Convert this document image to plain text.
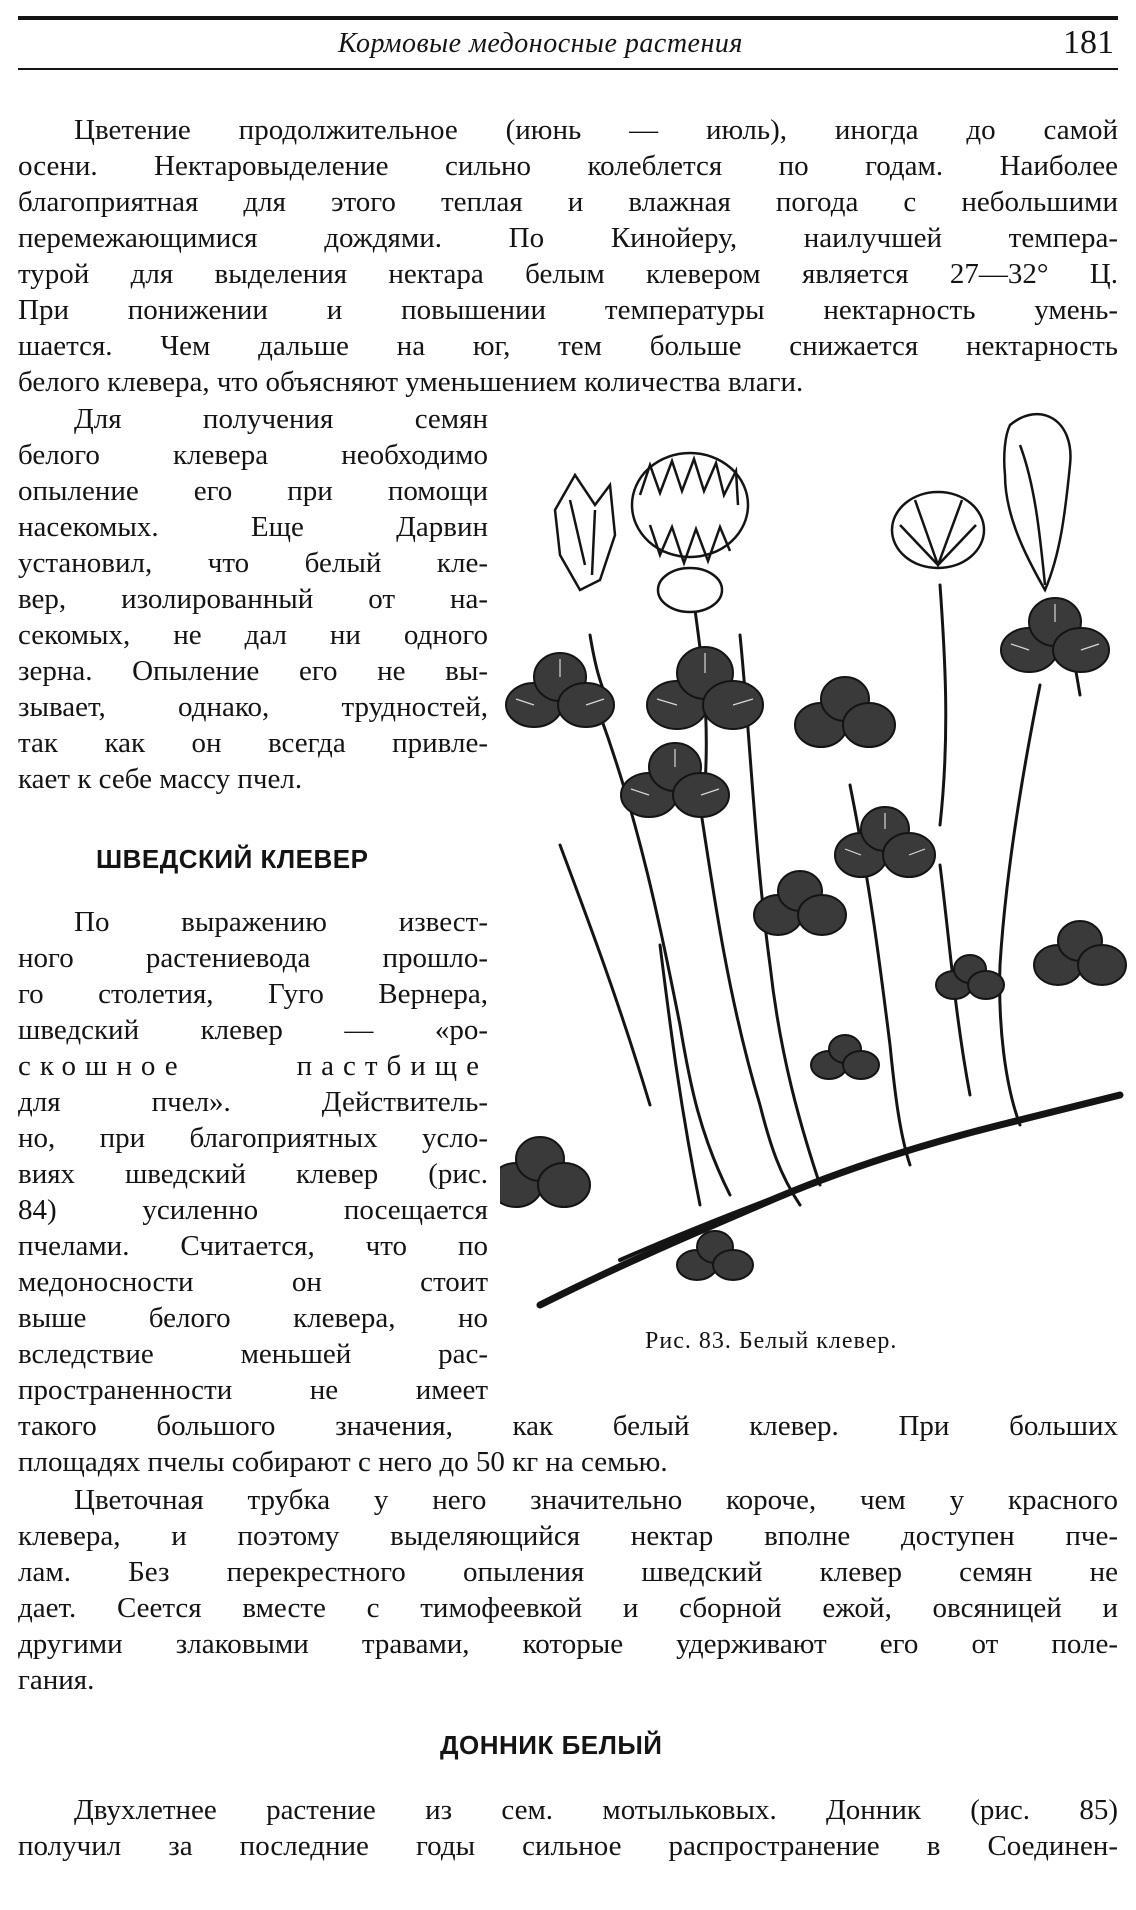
Кормовые медоносные растения	181
Цветение продолжительное (июнь — июль), иногда до самой
осени. Нектаровыделение сильно колеблется по годам. Наиболее
благоприятная для этого теплая и влажная погода с небольшими
перемежающимися дождями. По Кинойеру, наилучшей темпера-
турой для выделения нектара белым клевером является 27—32° Ц.
При понижении и повышении температуры нектарность умень-
шается. Чем дальше на юг, тем больше снижается нектарность
белого клевера, что объясняют уменьшением количества влаги.
Для получения семян
белого клевера необходимо
опыление его при помощи
насекомых. Еще Дарвин
установил, что белый кле-
вер, изолированный от на-
секомых, не дал ни одного
зерна. Опыление его не вы-
зывает, однако, трудностей,
так как он всегда привле-
кает к себе массу пчел.
ШВЕДСКИЙ КЛЕВЕР
По выражению извест-
ного растениевода прошло-
го столетия, Гуго Вернера,
шведский клевер — «ро-
скошное пастбище
для пчел». Действитель-
но, при благоприятных усло-
виях шведский клевер (рис.
84) усиленно посещается
пчелами. Считается, что по
медоносности он стоит
выше белого клевера, но
вследствие меньшей рас-
пространенности не имеет
такого большого значения, как белый клевер. При больших
площадях пчелы собирают с него до 50 кг на семью.
Цветочная трубка у него значительно короче, чем у красного
клевера, и поэтому выделяющийся нектар вполне доступен пче-
лам. Без перекрестного опыления шведский клевер семян не
дает. Сеется вместе с тимофеевкой и сборной ежой, овсяницей и
другими злаковыми травами, которые удерживают его от поле-
гания.
ДОННИК БЕЛЫЙ
Двухлетнее растение из сем. мотыльковых. Донник (рис. 85)
получил за последние годы сильное распространение в Соединен-
Рис. 83. Белый клевер.
